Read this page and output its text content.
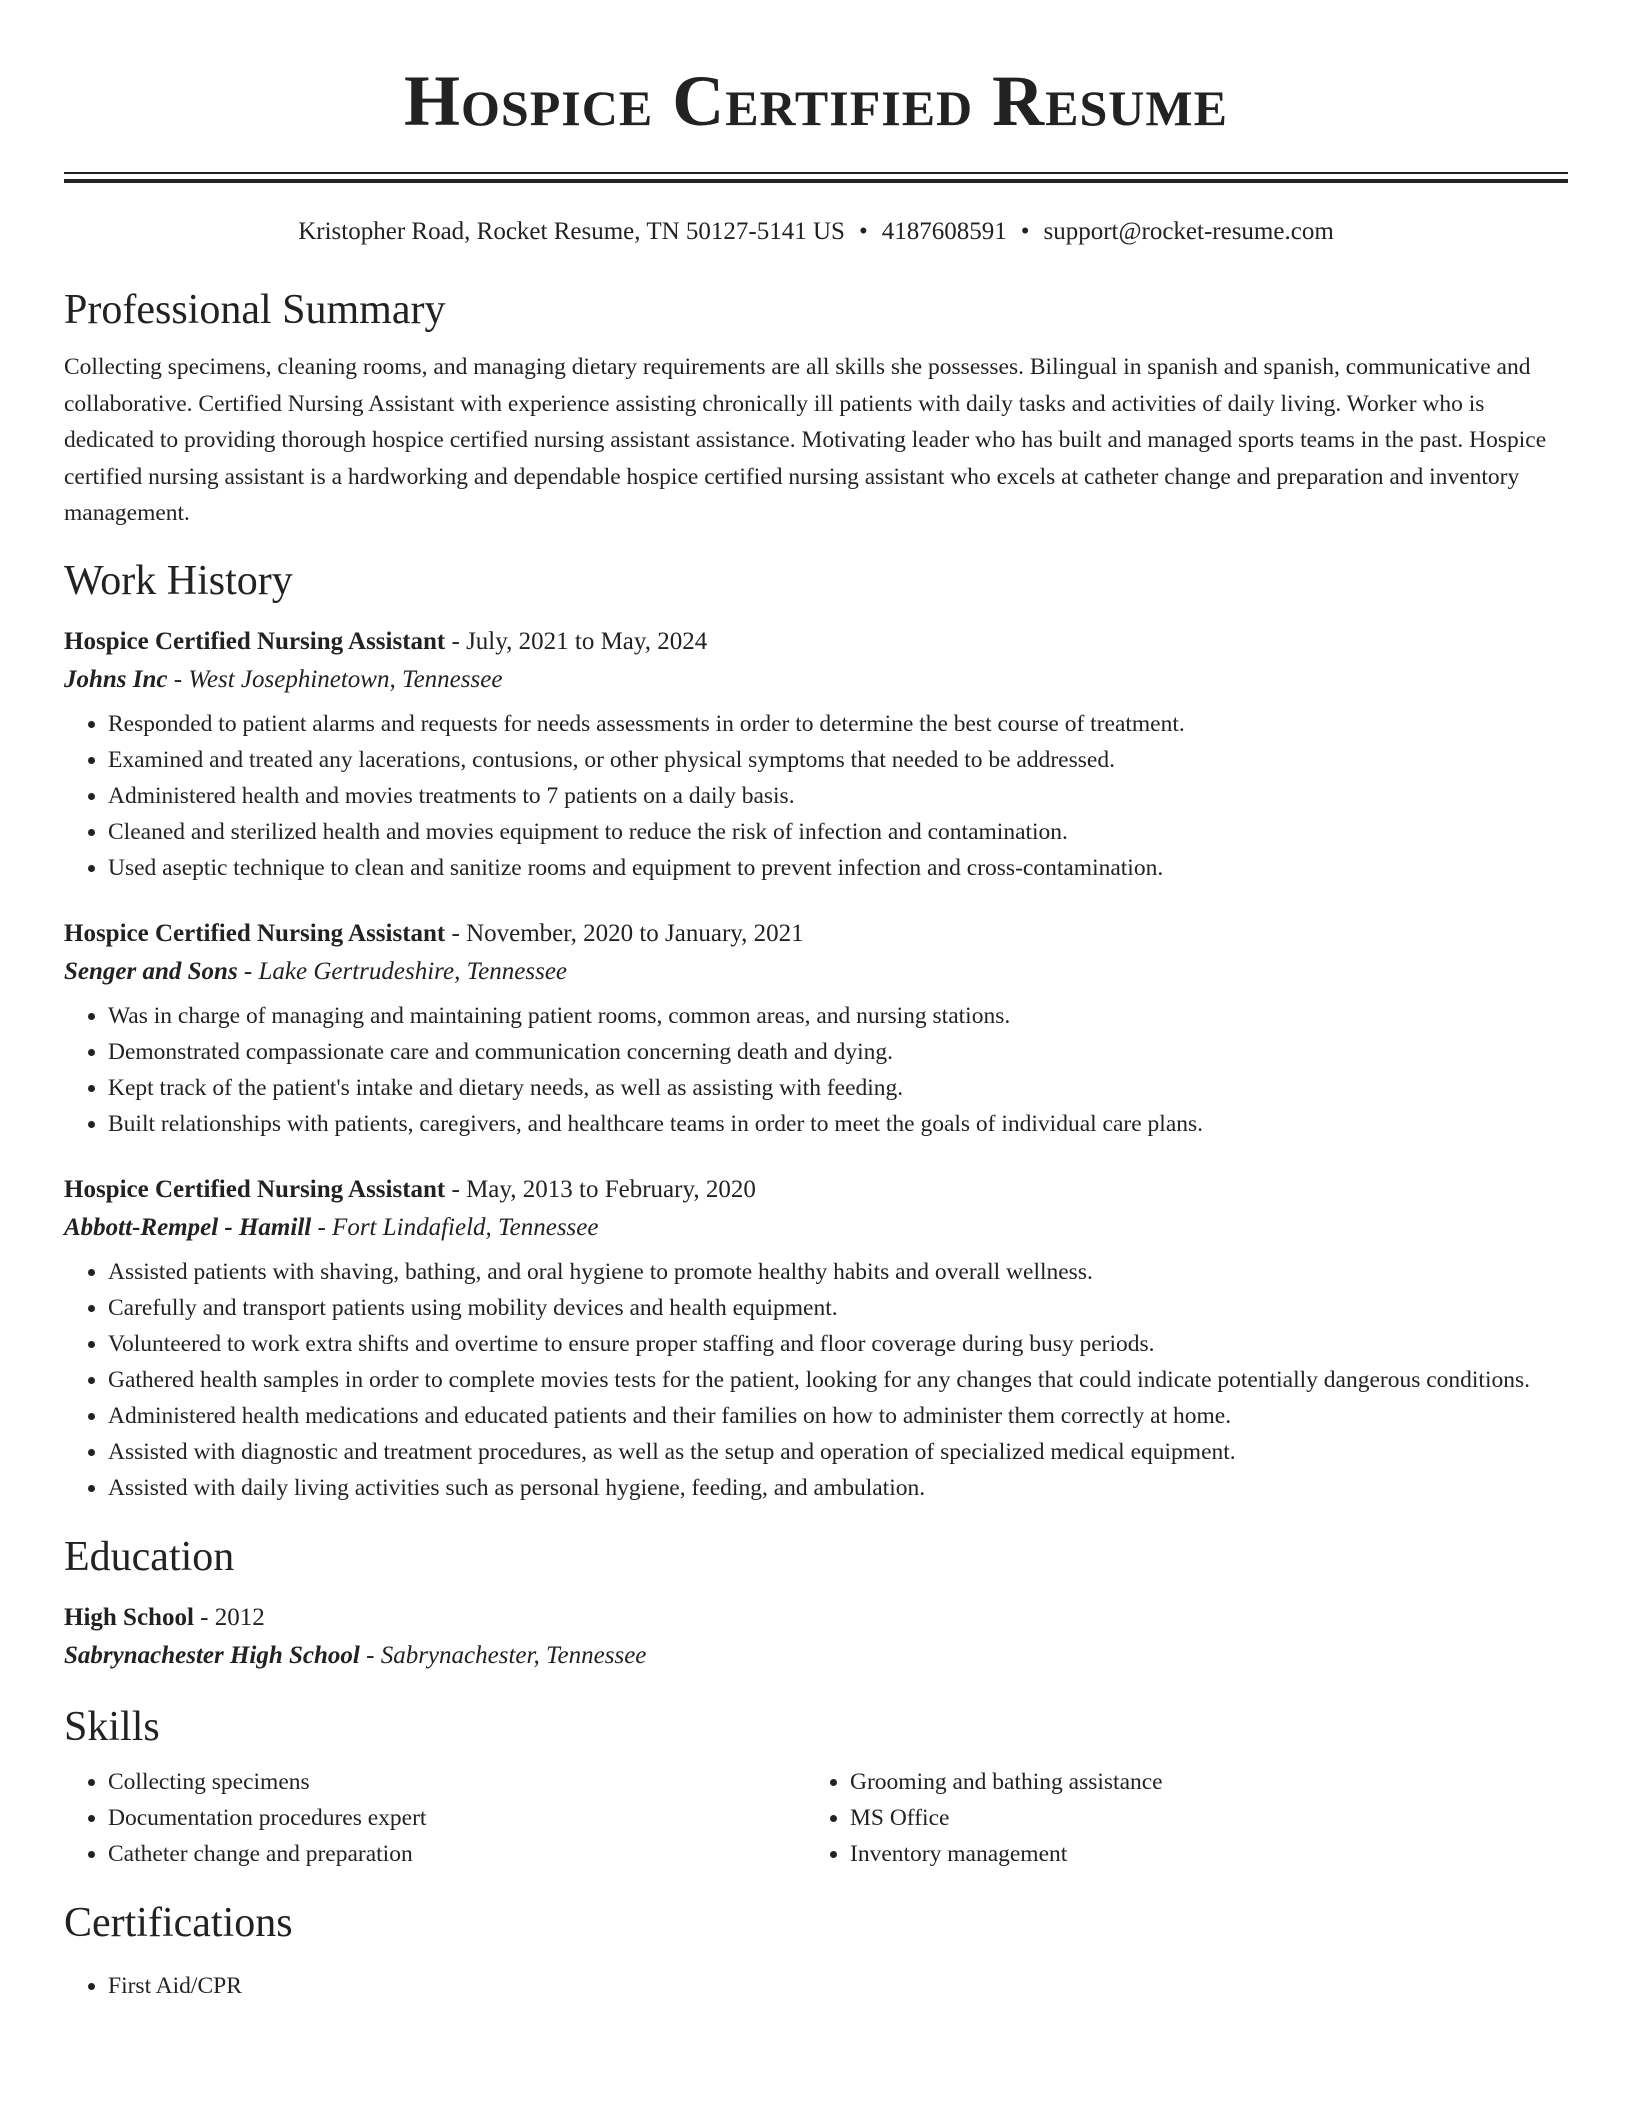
Hospice Certified Resume
Kristopher Road, Rocket Resume, TN 50127-5141 US • 4187608591 • support@rocket-resume.com
Professional Summary

Collecting specimens, cleaning rooms, and managing dietary requirements are all skills she possesses. Bilingual in spanish and spanish, communicative and collaborative. Certified Nursing Assistant with experience assisting chronically ill patients with daily tasks and activities of daily living. Worker who is dedicated to providing thorough hospice certified nursing assistant assistance. Motivating leader who has built and managed sports teams in the past. Hospice certified nursing assistant is a hardworking and dependable hospice certified nursing assistant who excels at catheter change and preparation and inventory management.

Work History
Hospice Certified Nursing Assistant - July, 2021 to May, 2024
Johns Inc - West Josephinetown, Tennessee
• Responded to patient alarms and requests for needs assessments in order to determine the best course of treatment.
• Examined and treated any lacerations, contusions, or other physical symptoms that needed to be addressed.
• Administered health and movies treatments to 7 patients on a daily basis.
• Cleaned and sterilized health and movies equipment to reduce the risk of infection and contamination.
• Used aseptic technique to clean and sanitize rooms and equipment to prevent infection and cross-contamination.
Hospice Certified Nursing Assistant - November, 2020 to January, 2021
Senger and Sons - Lake Gertrudeshire, Tennessee
• Was in charge of managing and maintaining patient rooms, common areas, and nursing stations.
• Demonstrated compassionate care and communication concerning death and dying.
• Kept track of the patient's intake and dietary needs, as well as assisting with feeding.
• Built relationships with patients, caregivers, and healthcare teams in order to meet the goals of individual care plans.
Hospice Certified Nursing Assistant - May, 2013 to February, 2020
Abbott-Rempel - Hamill - Fort Lindafield, Tennessee
• Assisted patients with shaving, bathing, and oral hygiene to promote healthy habits and overall wellness.
• Carefully and transport patients using mobility devices and health equipment.
• Volunteered to work extra shifts and overtime to ensure proper staffing and floor coverage during busy periods.
• Gathered health samples in order to complete movies tests for the patient, looking for any changes that could indicate potentially dangerous conditions.
• Administered health medications and educated patients and their families on how to administer them correctly at home.
• Assisted with diagnostic and treatment procedures, as well as the setup and operation of specialized medical equipment.
• Assisted with daily living activities such as personal hygiene, feeding, and ambulation.
Education
High School - 2012
Sabrynachester High School - Sabrynachester, Tennessee
Skills
• Collecting specimens
• Documentation procedures expert
• Catheter change and preparation
• Grooming and bathing assistance
• MS Office
• Inventory management
Certifications
• First Aid/CPR
